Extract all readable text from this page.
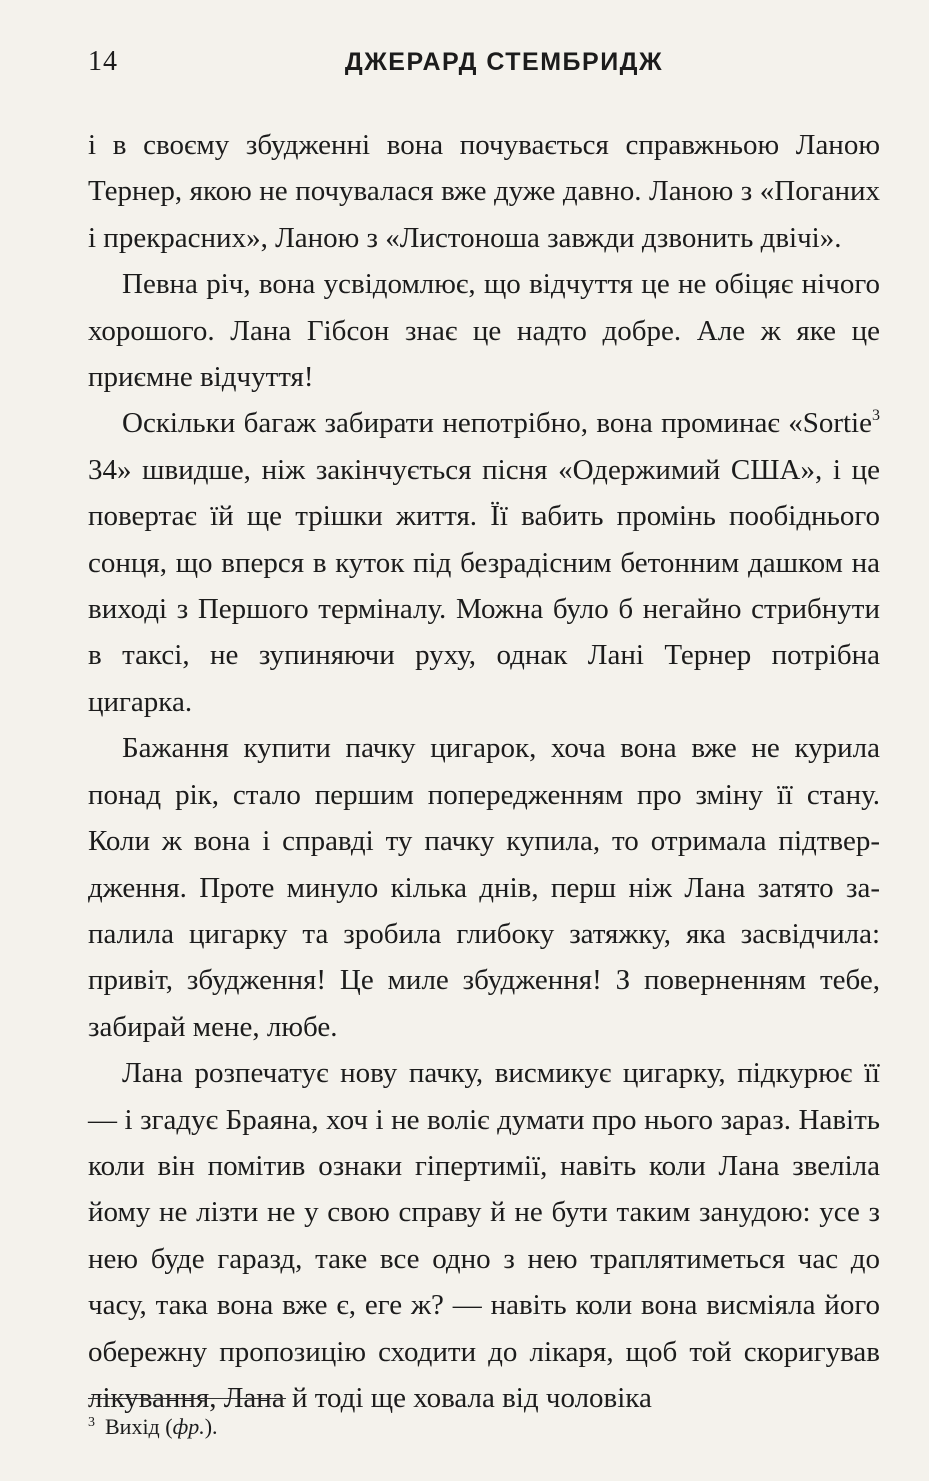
14	ДЖЕРАРД СТЕМБРИДЖ

і в своєму збудженні вона почувається справжньою Ланою Тернер, якою не почувалася вже дуже давно. Ланою з «Поганих і прекрасних», Ланою з «Листоноша завжди дзвонить двічі».

Певна річ, вона усвідомлює, що відчуття це не обіцяє нічого хорошого. Лана Гібсон знає це надто добре. Але ж яке це приємне відчуття!

Оскільки багаж забирати непотрібно, вона проминає «Sortie$^3$ 34» швидше, ніж закінчується пісня «Одержимий США», і це повертає їй ще трішки життя. Її вабить промінь пообіднього сонця, що вперся в куток під безрадісним бетонним дашком на виході з Першого терміналу. Можна було б негайно стрибнути в таксі, не зупиняючи руху, однак Лані Тернер потрібна цигарка.

Бажання купити пачку цигарок, хоча вона вже не курила понад рік, стало першим попередженням про зміну її стану. Коли ж вона і справді ту пачку купила, то отримала підтвердження. Проте минуло кілька днів, перш ніж Лана затято запалила цигарку та зробила глибоку затяжку, яка засвідчила: привіт, збудження! Це миле збудження! З поверненням тебе, забирай мене, любе.

Лана розпечатує нову пачку, висмикує цигарку, підкурює її — і згадує Браяна, хоч і не воліє думати про нього зараз. Навіть коли він помітив ознаки гіпертимії, навіть коли Лана звеліла йому не лізти не у свою справу й не бути таким занудою: усе з нею буде гаразд, таке все одно з нею траплятиметься час до часу, така вона вже є, еге ж? — навіть коли вона висміяла його обережну пропозицію сходити до лікаря, щоб той скоригував лікування, Лана й тоді ще ховала від чоловіка

$^3$ Вихід (фр.).
